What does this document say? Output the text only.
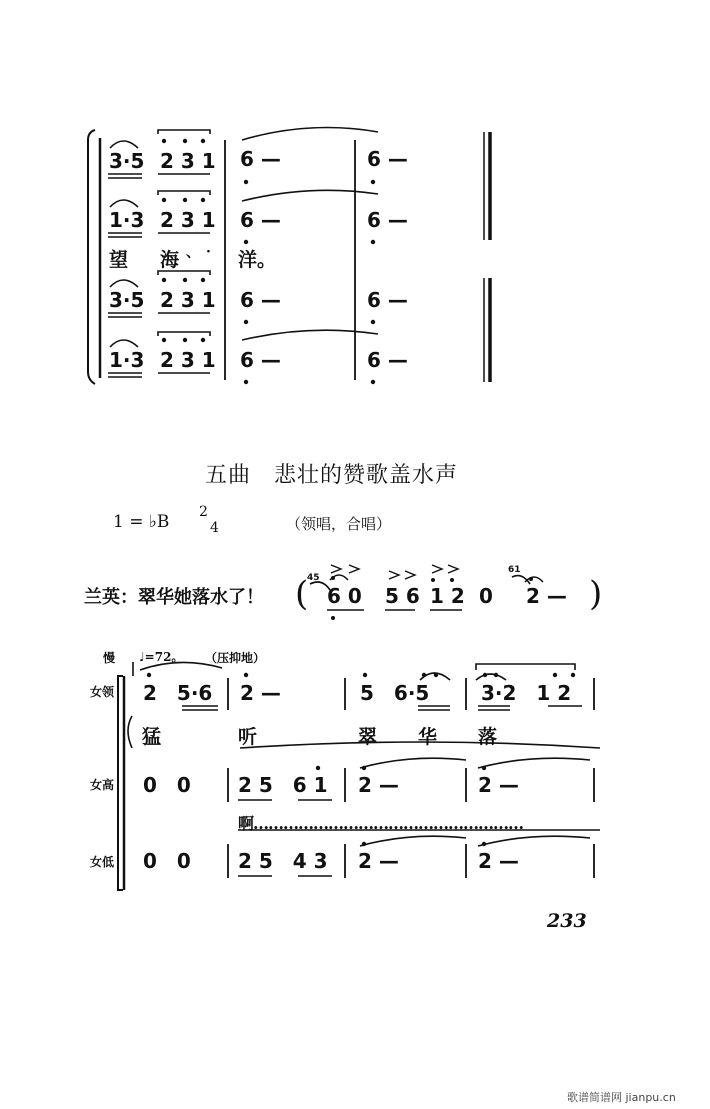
3·5 2 3 1 6 —	6 —
1·3 2 3 1 6 —	6 —
望 海 、 · 洋。
3·5 2 3 1 6 —	6 —
1·3 2 3 1 6 —	6 —
五曲　悲壮的赞歌盖水声
1 = ♭B 2
4	（领唱，合唱）
兰英：翠华她落水了！ (
45
6 0 5 6 1 2 0
61
2 — )
慢 ♩=72。 （压抑地）
女领
女高
女低
2　5·6 2 —	5　6·5	3·2　1 2
猛	听	翠 华 落
0　0 2 5　6 1 2 —	2 —
啊………………………………………………
0　0 2 5　4 3 2 —	2 —
233
歌谱简谱网 jianpu.cn
